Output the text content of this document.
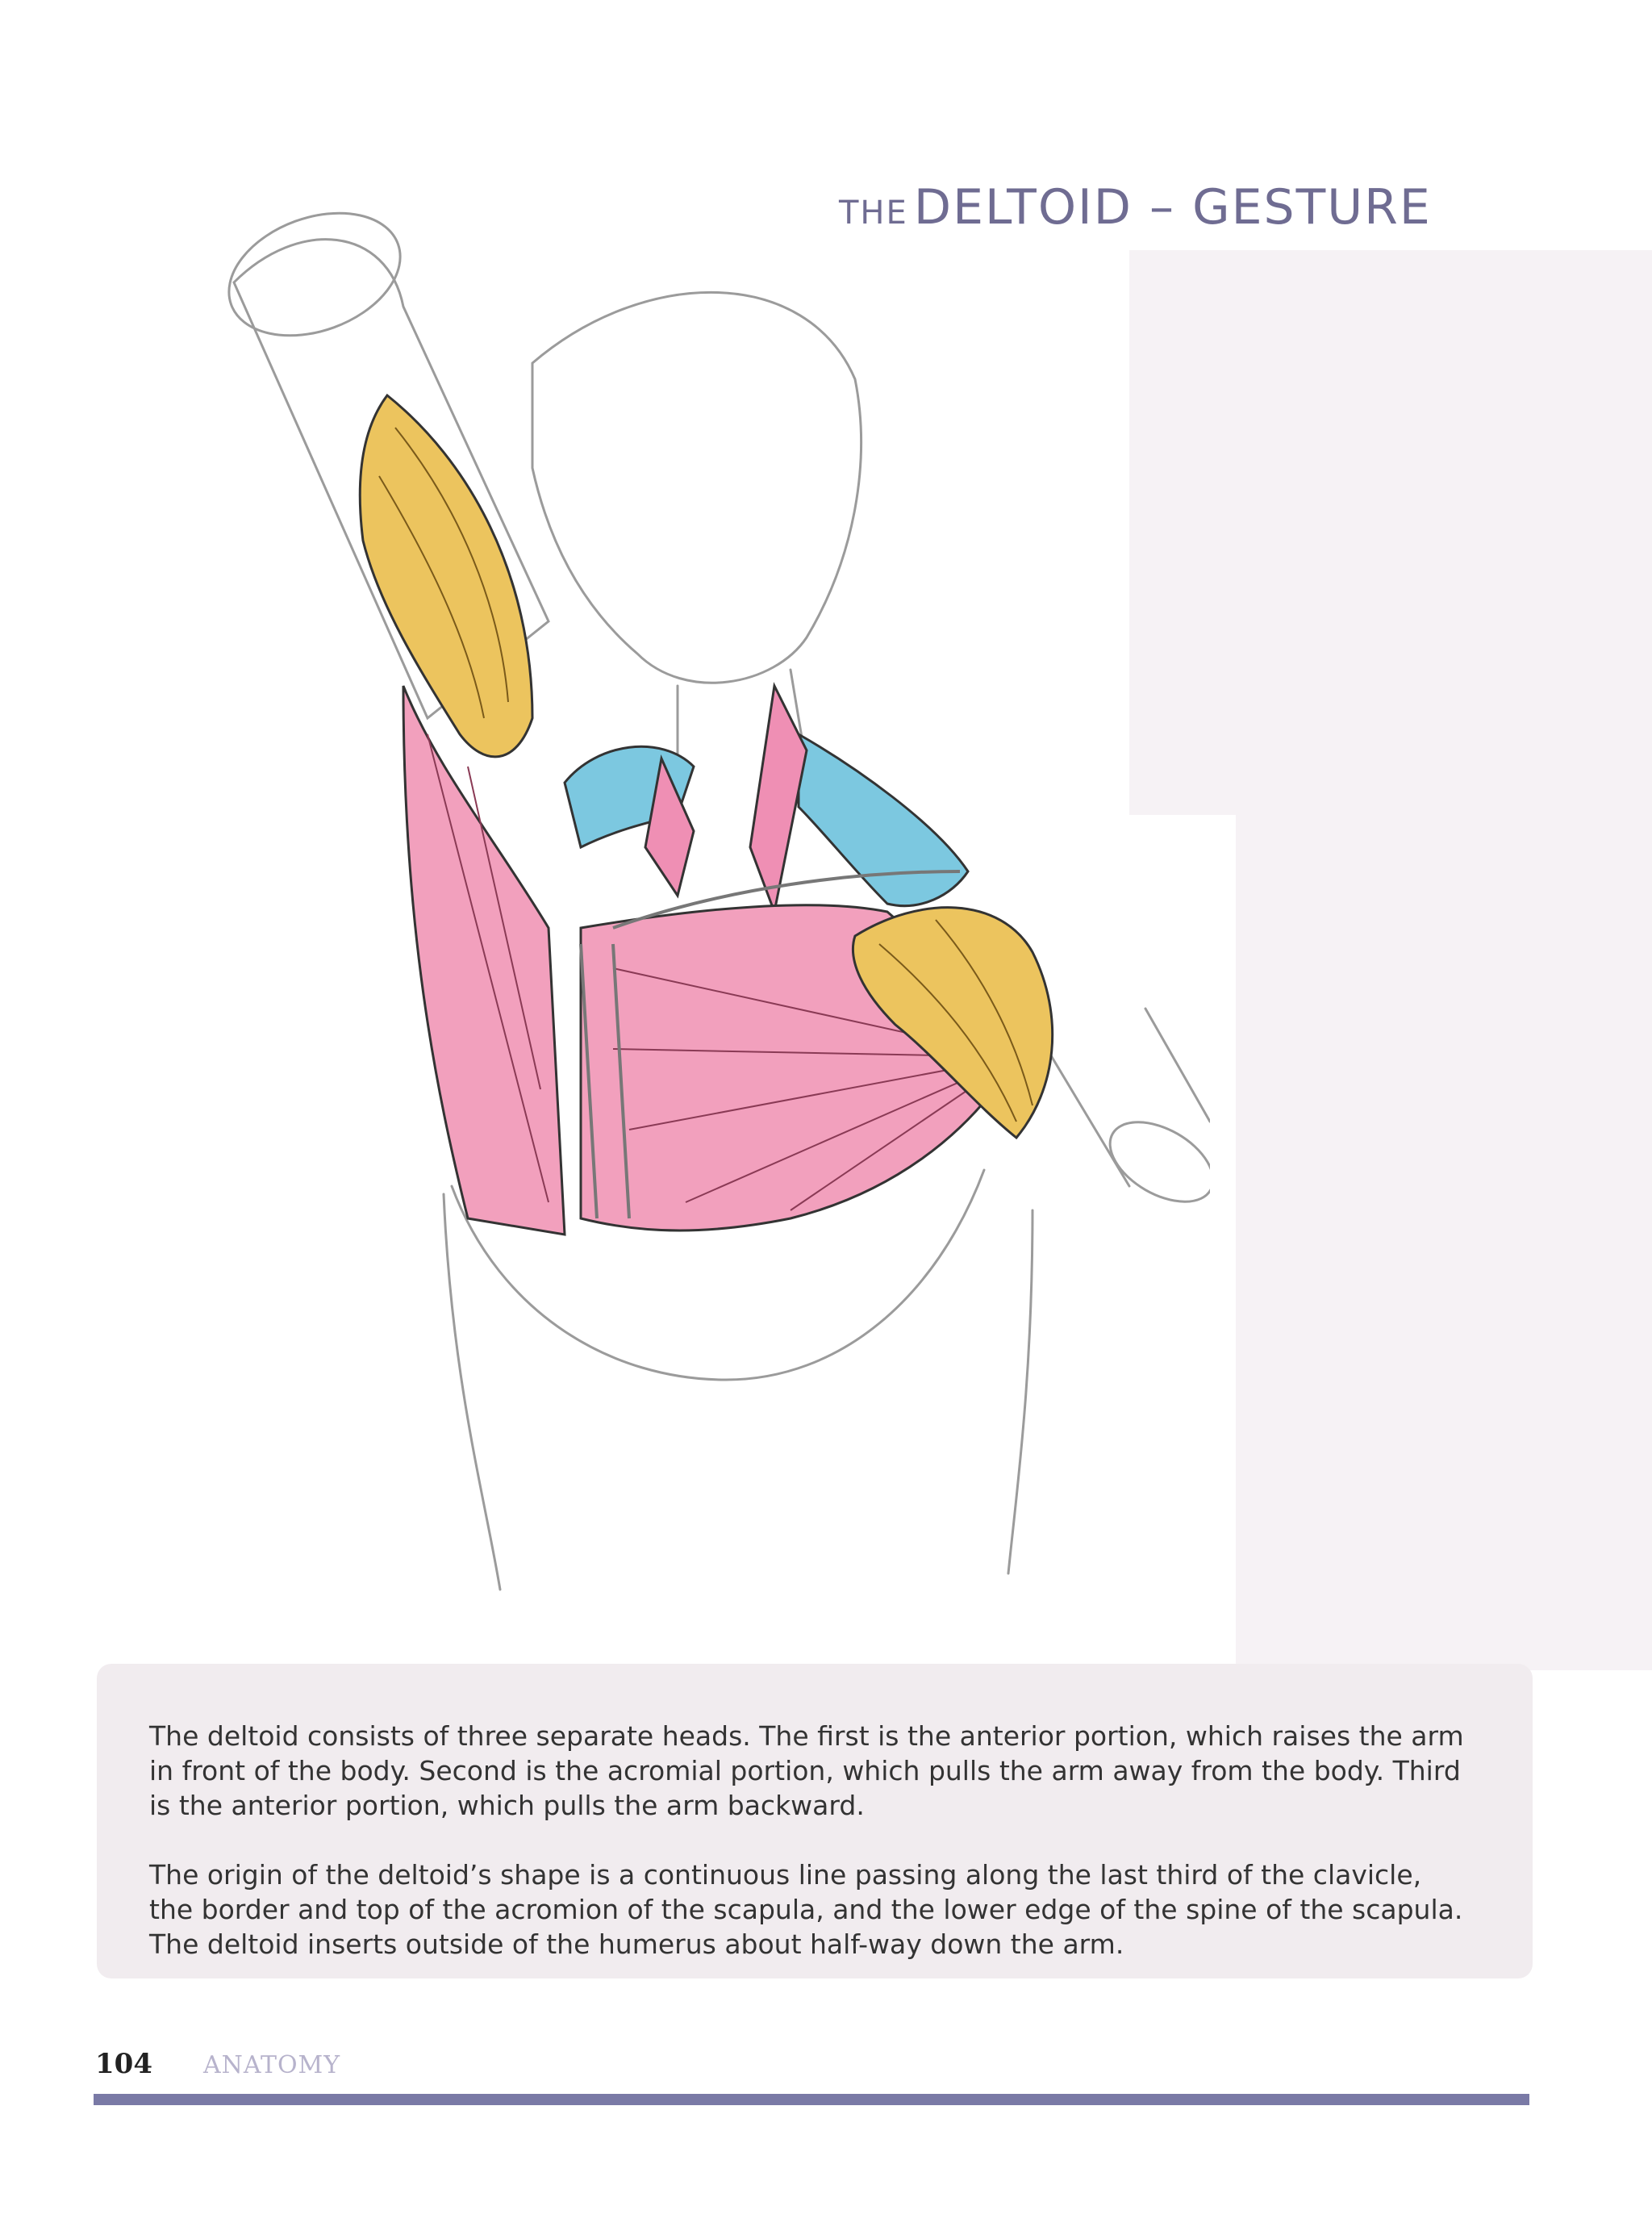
THE DELTOID – GESTURE

The deltoid consists of three separate heads. The first is the anterior portion, which raises the arm in front of the body. Second is the acromial portion, which pulls the arm away from the body. Third is the anterior portion, which pulls the arm backward.

The origin of the deltoid’s shape is a continuous line passing along the last third of the clavicle, the border and top of the acromion of the scapula, and the lower edge of the spine of the scapula. The deltoid inserts outside of the humerus about half-way down the arm.

104 ANATOMY
